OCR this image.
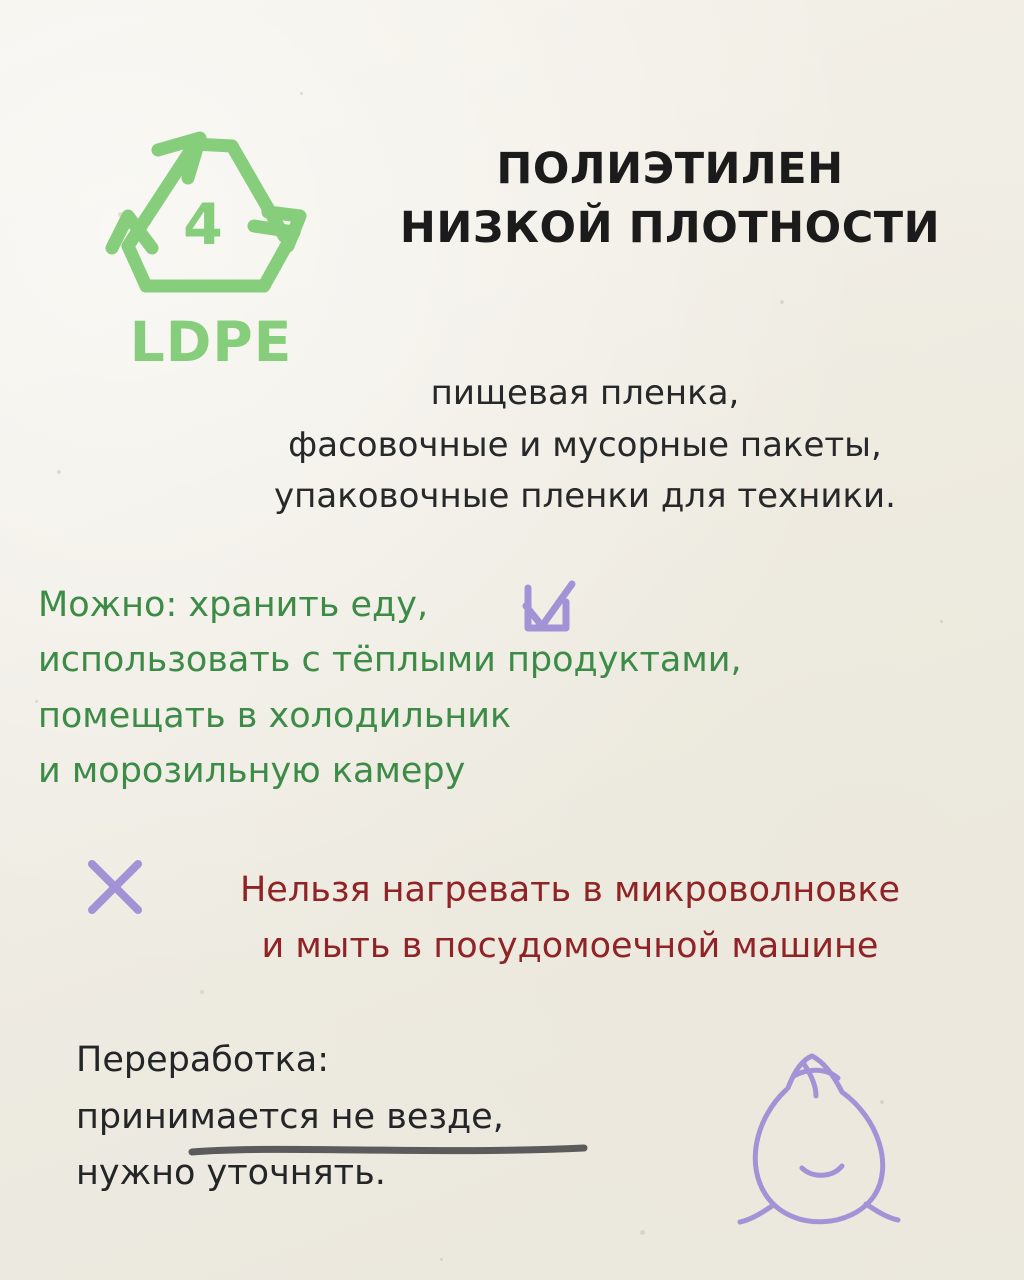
4
LDPE
ПОЛИЭТИЛЕН
НИЗКОЙ ПЛОТНОСТИ
пищевая пленка,
фасовочные и мусорные пакеты,
упаковочные пленки для техники.
Можно: хранить еду,
использовать с тёплыми продуктами,
помещать в холодильник
и морозильную камеру
Нельзя нагревать в микроволновке
и мыть в посудомоечной машине
Переработка:
принимается не везде,
нужно уточнять.
